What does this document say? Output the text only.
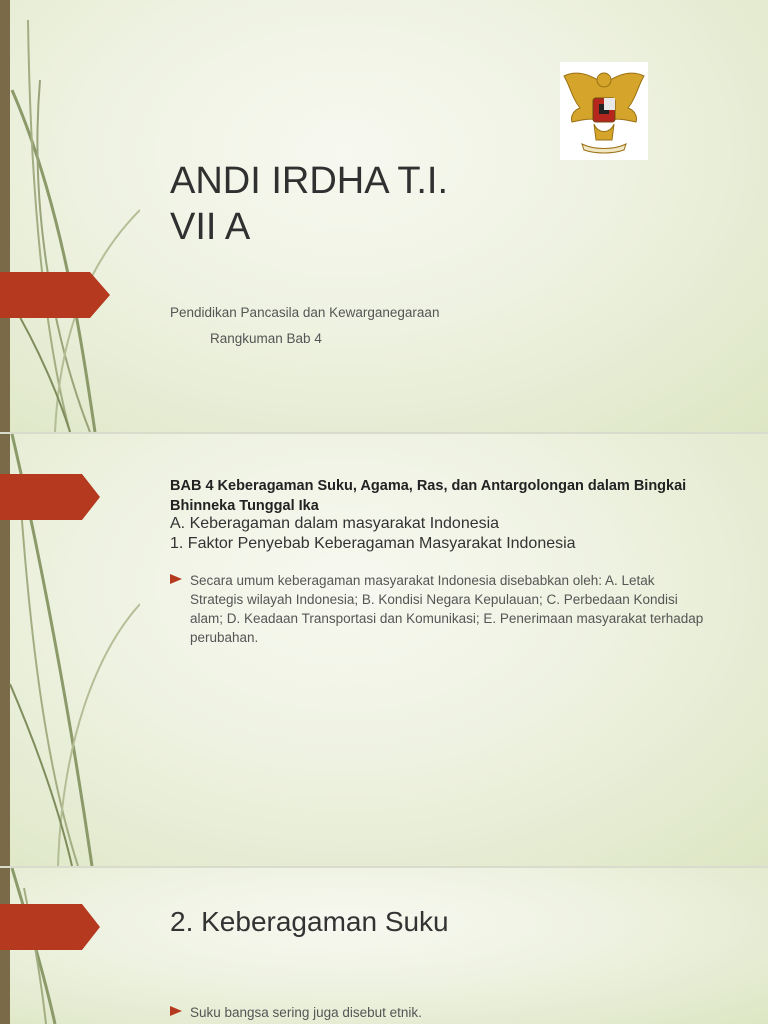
ANDI IRDHA T.I.
VII A
Pendidikan Pancasila dan Kewarganegaraan
Rangkuman Bab 4
BAB 4 Keberagaman Suku, Agama, Ras, dan Antargolongan dalam Bingkai Bhinneka Tunggal Ika
A. Keberagaman dalam masyarakat Indonesia
1. Faktor Penyebab Keberagaman Masyarakat Indonesia
Secara umum keberagaman masyarakat Indonesia disebabkan oleh: A. Letak Strategis wilayah Indonesia; B. Kondisi Negara Kepulauan; C. Perbedaan Kondisi alam; D. Keadaan Transportasi dan Komunikasi; E. Penerimaan masyarakat terhadap perubahan.
2. Keberagaman Suku
Suku bangsa sering juga disebut etnik.
